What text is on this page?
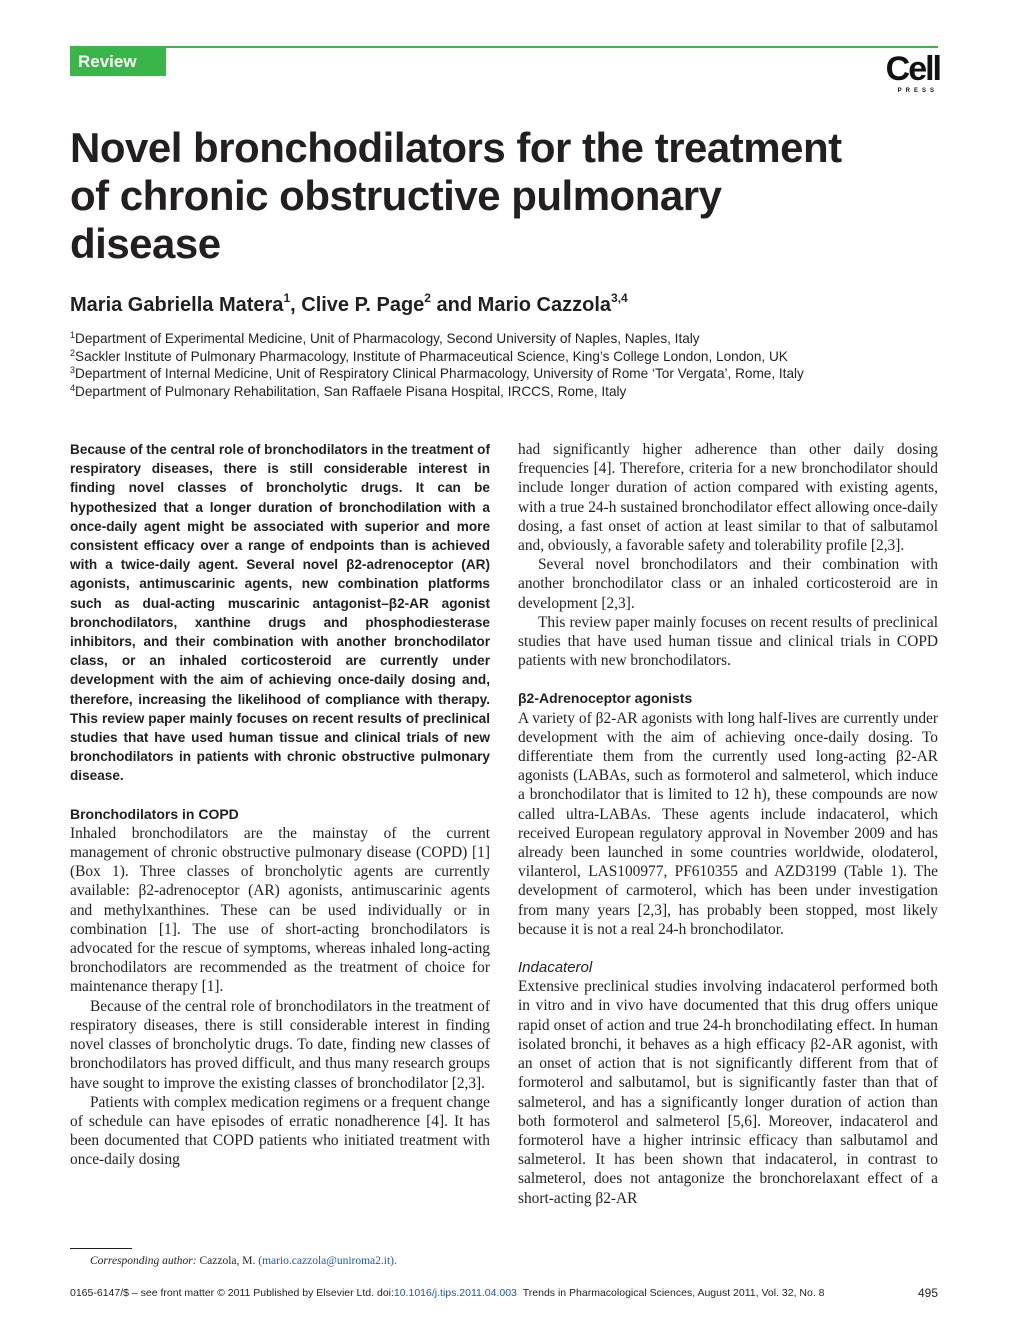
Review	Cell
PRESS
Novel bronchodilators for the treatment of chronic obstructive pulmonary disease
Maria Gabriella Matera$^1$, Clive P. Page$^2$ and Mario Cazzola$^{3,4}$
$^1$Department of Experimental Medicine, Unit of Pharmacology, Second University of Naples, Naples, Italy
$^2$Sackler Institute of Pulmonary Pharmacology, Institute of Pharmaceutical Science, King’s College London, London, UK
$^3$Department of Internal Medicine, Unit of Respiratory Clinical Pharmacology, University of Rome ‘Tor Vergata’, Rome, Italy
$^4$Department of Pulmonary Rehabilitation, San Raffaele Pisana Hospital, IRCCS, Rome, Italy

Because of the central role of bronchodilators in the treatment of respiratory diseases, there is still considerable interest in finding novel classes of broncholytic drugs. It can be hypothesized that a longer duration of bronchodilation with a once-daily agent might be associated with superior and more consistent efficacy over a range of endpoints than is achieved with a twice-daily agent. Several novel β2-adrenoceptor (AR) agonists, antimuscarinic agents, new combination platforms such as dual-acting muscarinic antagonist–β2-AR agonist bronchodilators, xanthine drugs and phosphodiesterase inhibitors, and their combination with another bronchodilator class, or an inhaled corticosteroid are currently under development with the aim of achieving once-daily dosing and, therefore, increasing the likelihood of compliance with therapy. This review paper mainly focuses on recent results of preclinical studies that have used human tissue and clinical trials of new bronchodilators in patients with chronic obstructive pulmonary disease.

Bronchodilators in COPD

Inhaled bronchodilators are the mainstay of the current management of chronic obstructive pulmonary disease (COPD) [1] (Box 1). Three classes of broncholytic agents are currently available: β2-adrenoceptor (AR) agonists, antimuscarinic agents and methylxanthines. These can be used individually or in combination [1]. The use of short-acting bronchodilators is advocated for the rescue of symptoms, whereas inhaled long-acting bronchodilators are recommended as the treatment of choice for maintenance therapy [1].

Because of the central role of bronchodilators in the treatment of respiratory diseases, there is still considerable interest in finding novel classes of broncholytic drugs. To date, finding new classes of bronchodilators has proved difficult, and thus many research groups have sought to improve the existing classes of bronchodilator [2,3].

Patients with complex medication regimens or a frequent change of schedule can have episodes of erratic nonadherence [4]. It has been documented that COPD patients who initiated treatment with once-daily dosing

had significantly higher adherence than other daily dosing frequencies [4]. Therefore, criteria for a new bronchodilator should include longer duration of action compared with existing agents, with a true 24-h sustained bronchodilator effect allowing once-daily dosing, a fast onset of action at least similar to that of salbutamol and, obviously, a favorable safety and tolerability profile [2,3].

Several novel bronchodilators and their combination with another bronchodilator class or an inhaled corticosteroid are in development [2,3].

This review paper mainly focuses on recent results of preclinical studies that have used human tissue and clinical trials in COPD patients with new bronchodilators.

β2-Adrenoceptor agonists

A variety of β2-AR agonists with long half-lives are currently under development with the aim of achieving once-daily dosing. To differentiate them from the currently used long-acting β2-AR agonists (LABAs, such as formoterol and salmeterol, which induce a bronchodilator that is limited to 12 h), these compounds are now called ultra-LABAs. These agents include indacaterol, which received European regulatory approval in November 2009 and has already been launched in some countries worldwide, olodaterol, vilanterol, LAS100977, PF610355 and AZD3199 (Table 1). The development of carmoterol, which has been under investigation from many years [2,3], has probably been stopped, most likely because it is not a real 24-h bronchodilator.

Indacaterol

Extensive preclinical studies involving indacaterol performed both in vitro and in vivo have documented that this drug offers unique rapid onset of action and true 24-h bronchodilating effect. In human isolated bronchi, it behaves as a high efficacy β2-AR agonist, with an onset of action that is not significantly different from that of formoterol and salbutamol, but is significantly faster than that of salmeterol, and has a significantly longer duration of action than both formoterol and salmeterol [5,6]. Moreover, indacaterol and formoterol have a higher intrinsic efficacy than salbutamol and salmeterol. It has been shown that indacaterol, in contrast to salmeterol, does not antagonize the bronchorelaxant effect of a short-acting β2-AR

Corresponding author: Cazzola, M. (mario.cazzola@uniroma2.it).
0165-6147/$ – see front matter © 2011 Published by Elsevier Ltd. doi:10.1016/j.tips.2011.04.003 Trends in Pharmacological Sciences, August 2011, Vol. 32, No. 8	495
